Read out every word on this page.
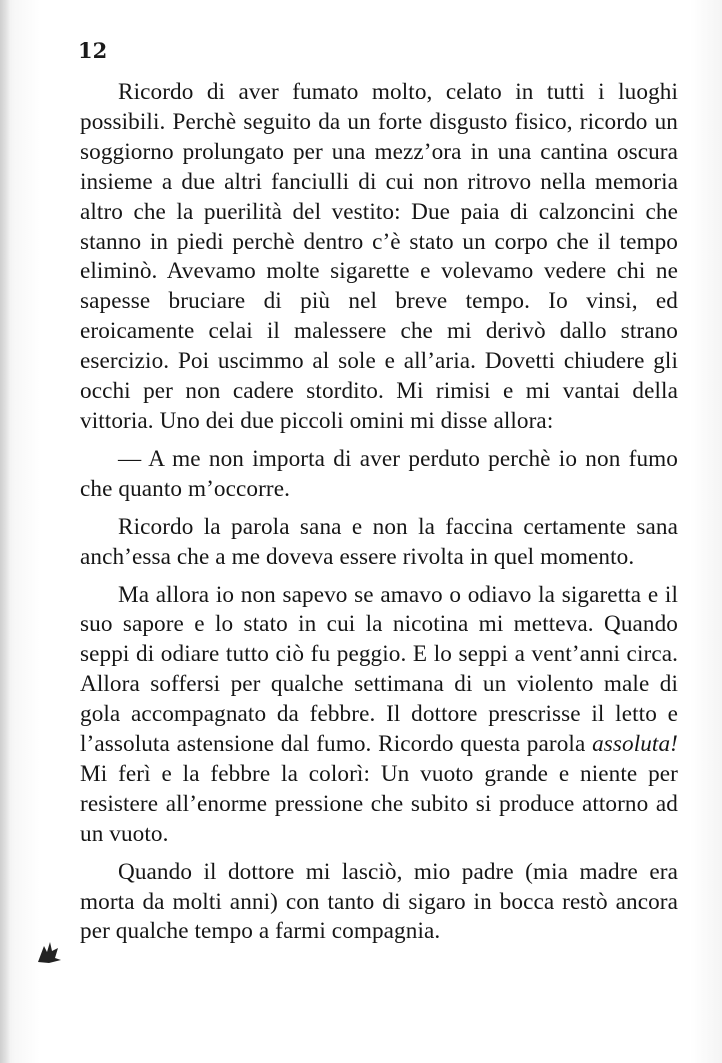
12

Ricordo di aver fumato molto, celato in tutti i luoghi possibili. Perchè seguito da un forte disgusto fisico, ricordo un soggiorno prolungato per una mezz’ora in una cantina oscura insieme a due altri fanciulli di cui non ritrovo nella memoria altro che la puerilità del vestito: Due paia di calzoncini che stanno in piedi perchè dentro c’è stato un corpo che il tempo eliminò. Avevamo molte sigarette e volevamo vedere chi ne sapesse bruciare di più nel breve tempo. Io vinsi, ed eroicamente celai il malessere che mi derivò dallo strano esercizio. Poi uscimmo al sole e all’aria. Dovetti chiudere gli occhi per non cadere stordito. Mi rimisi e mi vantai della vittoria. Uno dei due piccoli omini mi disse allora:

— A me non importa di aver perduto perchè io non fumo che quanto m’occorre.

Ricordo la parola sana e non la faccina certamente sana anch’essa che a me doveva essere rivolta in quel momento.

Ma allora io non sapevo se amavo o odiavo la sigaretta e il suo sapore e lo stato in cui la nicotina mi metteva. Quando seppi di odiare tutto ciò fu peggio. E lo seppi a vent’anni circa. Allora soffersi per qualche settimana di un violento male di gola accompagnato da febbre. Il dottore prescrisse il letto e l’assoluta astensione dal fumo. Ricordo questa parola assoluta! Mi ferì e la febbre la colorì: Un vuoto grande e niente per resistere all’enorme pressione che subito si produce attorno ad un vuoto.

Quando il dottore mi lasciò, mio padre (mia madre era morta da molti anni) con tanto di sigaro in bocca restò ancora per qualche tempo a farmi compagnia.
